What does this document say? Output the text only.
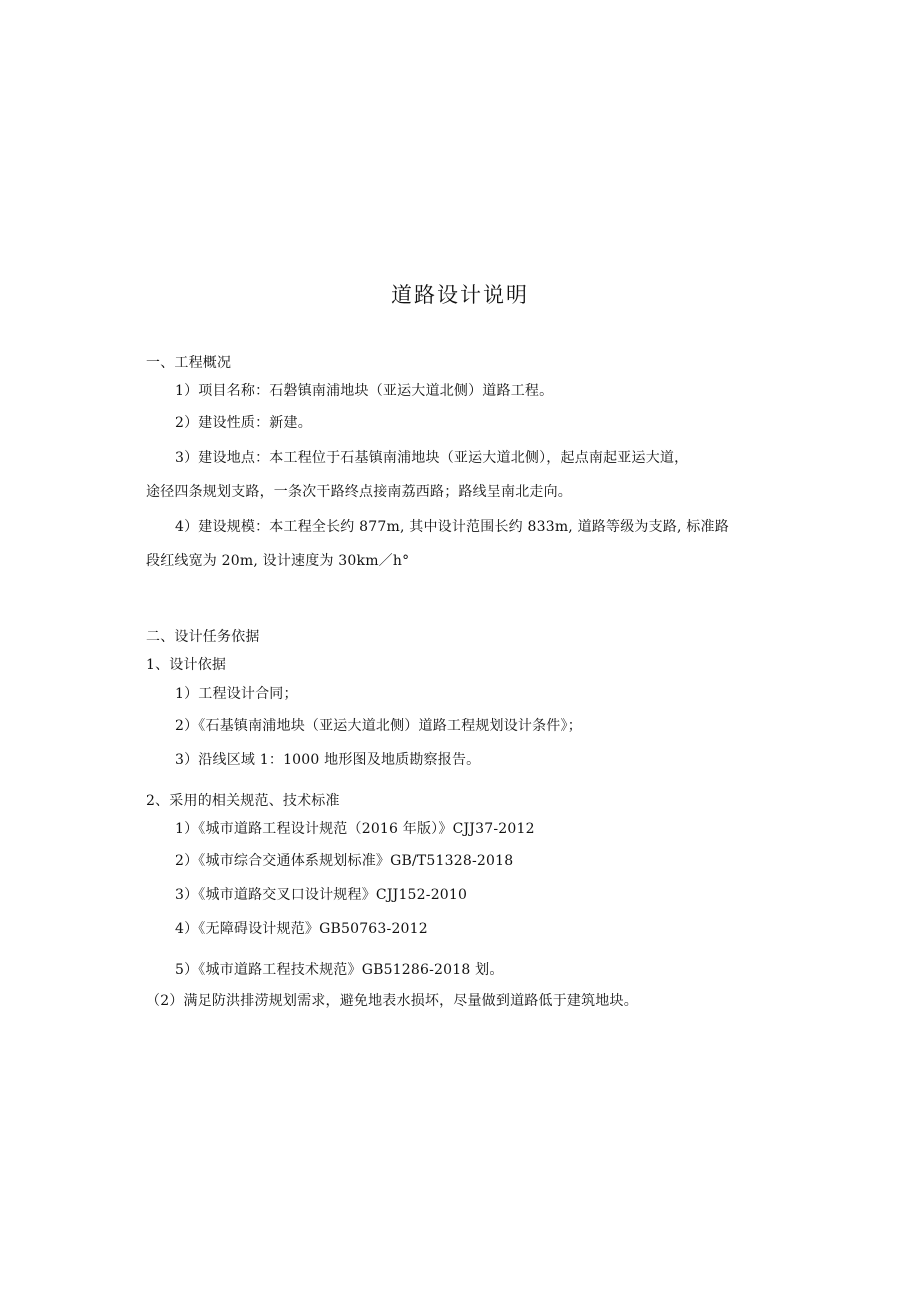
道路设计说明
一、工程概况
1）项目名称：石磐镇南浦地块（亚运大道北侧）道路工程。
2）建设性质：新建。
3）建设地点：本工程位于石基镇南浦地块（亚运大道北侧），起点南起亚运大道，
途径四条规划支路，一条次干路终点接南荔西路；路线呈南北走向。
4）建设规模：本工程全长约 877m, 其中设计范围长约 833m, 道路等级为支路, 标准路
段红线宽为 20m, 设计速度为 30km／h°
二、设计任务依据
1、设计依据
1）工程设计合同；
2）《石基镇南浦地块（亚运大道北侧）道路工程规划设计条件》；
3）沿线区域 1：1000 地形图及地质勘察报告。
2、采用的相关规范、技术标准
1）《城市道路工程设计规范（2016 年版）》CJJ37-2012
2）《城市综合交通体系规划标准》GB/T51328-2018
3）《城市道路交叉口设计规程》CJJ152-2010
4）《无障碍设计规范》GB50763-2012
5）《城市道路工程技术规范》GB51286-2018 划。
（2）满足防洪排涝规划需求，避免地表水损坏，尽量做到道路低于建筑地块。
